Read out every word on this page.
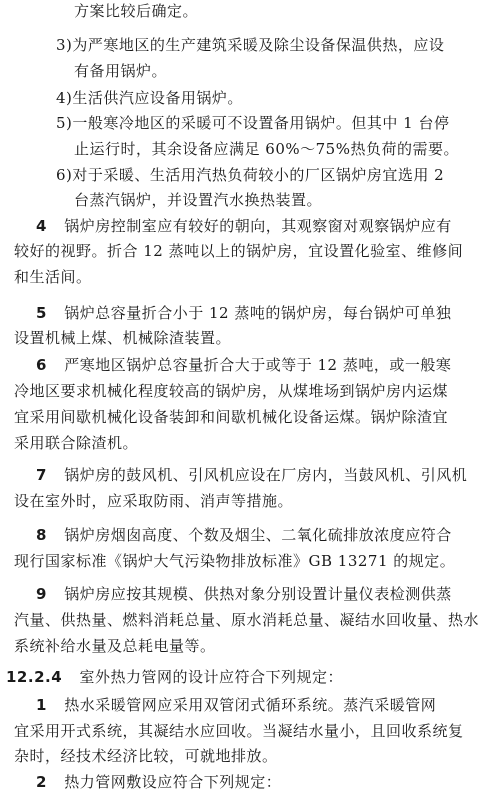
方案比较后确定。
3)为严寒地区的生产建筑采暖及除尘设备保温供热，应设
有备用锅炉。
4)生活供汽应设备用锅炉。
5)一般寒冷地区的采暖可不设置备用锅炉。但其中 1 台停
止运行时，其余设备应满足 60%～75%热负荷的需要。
6)对于采暖、生活用汽热负荷较小的厂区锅炉房宜选用 2
台蒸汽锅炉，并设置汽水换热装置。
4 锅炉房控制室应有较好的朝向，其观察窗对观察锅炉应有
较好的视野。折合 12 蒸吨以上的锅炉房，宜设置化验室、维修间
和生活间。
5 锅炉总容量折合小于 12 蒸吨的锅炉房，每台锅炉可单独
设置机械上煤、机械除渣装置。
6 严寒地区锅炉总容量折合大于或等于 12 蒸吨，或一般寒
冷地区要求机械化程度较高的锅炉房，从煤堆场到锅炉房内运煤
宜采用间歇机械化设备装卸和间歇机械化设备运煤。锅炉除渣宜
采用联合除渣机。
7 锅炉房的鼓风机、引风机应设在厂房内，当鼓风机、引风机
设在室外时，应采取防雨、消声等措施。
8 锅炉房烟囱高度、个数及烟尘、二氧化硫排放浓度应符合
现行国家标准《锅炉大气污染物排放标准》GB 13271 的规定。
9 锅炉房应按其规模、供热对象分别设置计量仪表检测供蒸
汽量、供热量、燃料消耗总量、原水消耗总量、凝结水回收量、热水
系统补给水量及总耗电量等。
12.2.4 室外热力管网的设计应符合下列规定：
1 热水采暖管网应采用双管闭式循环系统。蒸汽采暖管网
宜采用开式系统，其凝结水应回收。当凝结水量小，且回收系统复
杂时，经技术经济比较，可就地排放。
2 热力管网敷设应符合下列规定：
